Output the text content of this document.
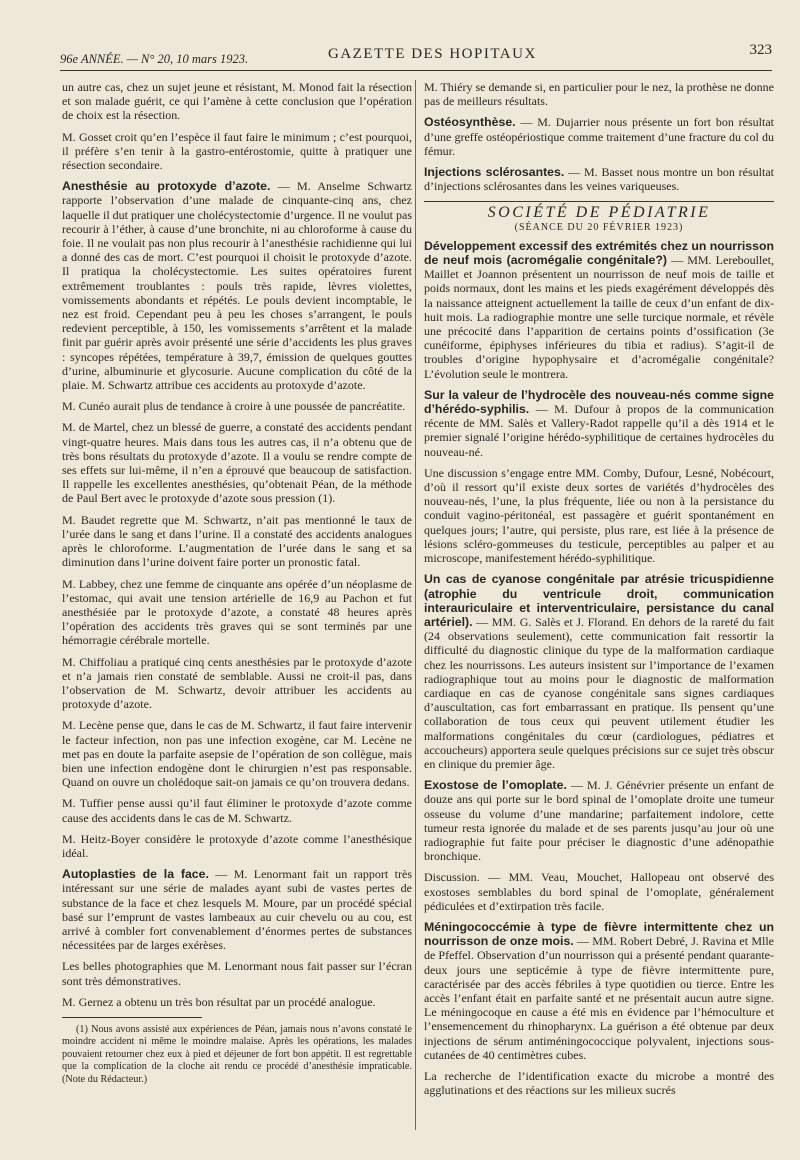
96e ANNÉE. — N° 20, 10 mars 1923.	GAZETTE DES HOPITAUX	323

un autre cas, chez un sujet jeune et résistant, M. Monod fait la résection et son malade guérit, ce qui l’amène à cette conclusion que l’opération de choix est la résection.

M. Gosset croit qu’en l’espèce il faut faire le minimum ; c’est pourquoi, il préfère s’en tenir à la gastro-entérostomie, quitte à pratiquer une résection secondaire.

Anesthésie au protoxyde d’azote. — M. Anselme Schwartz rapporte l’observation d’une malade de cinquante-cinq ans, chez laquelle il dut pratiquer une cholécystectomie d’urgence. Il ne voulut pas recourir à l’éther, à cause d’une bronchite, ni au chloroforme à cause du foie. Il ne voulait pas non plus recourir à l’anesthésie rachidienne qui lui a donné des cas de mort. C’est pourquoi il choisit le protoxyde d’azote. Il pratiqua la cholécystectomie. Les suites opératoires furent extrêmement troublantes : pouls très rapide, lèvres violettes, vomissements abondants et répétés. Le pouls devient incomptable, le nez est froid. Cependant peu à peu les choses s’arrangent, le pouls redevient perceptible, à 150, les vomissements s’arrêtent et la malade finit par guérir après avoir présenté une série d’accidents les plus graves : syncopes répétées, température à 39,7, émission de quelques gouttes d’urine, albuminurie et glycosurie. Aucune complication du côté de la plaie. M. Schwartz attribue ces accidents au protoxyde d’azote.

M. Cunéo aurait plus de tendance à croire à une poussée de pancréatite.

M. de Martel, chez un blessé de guerre, a constaté des accidents pendant vingt-quatre heures. Mais dans tous les autres cas, il n’a obtenu que de très bons résultats du protoxyde d’azote. Il a voulu se rendre compte de ses effets sur lui-même, il n’en a éprouvé que beaucoup de satisfaction. Il rappelle les excellentes anesthésies, qu’obtenait Péan, de la méthode de Paul Bert avec le protoxyde d’azote sous pression (1).

M. Baudet regrette que M. Schwartz, n’ait pas mentionné le taux de l’urée dans le sang et dans l’urine. Il a constaté des accidents analogues après le chloroforme. L’augmentation de l’urée dans le sang et sa diminution dans l’urine doivent faire porter un pronostic fatal.

M. Labbey, chez une femme de cinquante ans opérée d’un néoplasme de l’estomac, qui avait une tension artérielle de 16,9 au Pachon et fut anesthésiée par le protoxyde d’azote, a constaté 48 heures après l’opération des accidents très graves qui se sont terminés par une hémorragie cérébrale mortelle.

M. Chiffoliau a pratiqué cinq cents anesthésies par le protoxyde d’azote et n’a jamais rien constaté de semblable. Aussi ne croit-il pas, dans l’observation de M. Schwartz, devoir attribuer les accidents au protoxyde d’azote.

M. Lecène pense que, dans le cas de M. Schwartz, il faut faire intervenir le facteur infection, non pas une infection exogène, car M. Lecène ne met pas en doute la parfaite asepsie de l’opération de son collègue, mais bien une infection endogène dont le chirurgien n’est pas responsable. Quand on ouvre un cholédoque sait-on jamais ce qu’on trouvera dedans.

M. Tuffier pense aussi qu’il faut éliminer le protoxyde d’azote comme cause des accidents dans le cas de M. Schwartz.

M. Heitz-Boyer considère le protoxyde d’azote comme l’anesthésique idéal.

Autoplasties de la face. — M. Lenormant fait un rapport très intéressant sur une série de malades ayant subi de vastes pertes de substance de la face et chez lesquels M. Moure, par un procédé spécial basé sur l’emprunt de vastes lambeaux au cuir chevelu ou au cou, est arrivé à combler fort convenablement d’énormes pertes de substances nécessitées par de larges exérèses.

Les belles photographies que M. Lenormant nous fait passer sur l’écran sont très démonstratives.

M. Gernez a obtenu un très bon résultat par un procédé analogue.

(1) Nous avons assisté aux expériences de Péan, jamais nous n’avons constaté le moindre accident ni même le moindre malaise. Après les opérations, les malades pouvaient retourner chez eux à pied et déjeuner de fort bon appétit. Il est regrettable que la complication de la cloche ait rendu ce procédé d’anesthésie impraticable. (Note du Rédacteur.)

M. Thiéry se demande si, en particulier pour le nez, la prothèse ne donne pas de meilleurs résultats.

Ostéosynthèse. — M. Dujarrier nous présente un fort bon résultat d’une greffe ostéopériostique comme traitement d’une fracture du col du fémur.

Injections sclérosantes. — M. Basset nous montre un bon résultat d’injections sclérosantes dans les veines variqueuses.

SOCIÉTÉ DE PÉDIATRIE
(SÉANCE DU 20 FÉVRIER 1923)

Développement excessif des extrémités chez un nourrisson de neuf mois (acromégalie congénitale?) — MM. Lereboullet, Maillet et Joannon présentent un nourrisson de neuf mois de taille et poids normaux, dont les mains et les pieds exagérément développés dès la naissance atteignent actuellement la taille de ceux d’un enfant de dix-huit mois. La radiographie montre une selle turcique normale, et révèle une précocité dans l’apparition de certains points d’ossification (3e cunéiforme, épiphyses inférieures du tibia et radius). S’agit-il de troubles d’origine hypophysaire et d’acromégalie congénitale? L’évolution seule le montrera.

Sur la valeur de l’hydrocèle des nouveau-nés comme signe d’hérédo-syphilis. — M. Dufour à propos de la communication récente de MM. Salès et Vallery-Radot rappelle qu’il a dès 1914 et le premier signalé l’origine hérédo-syphilitique de certaines hydrocèles du nouveau-né.

Une discussion s’engage entre MM. Comby, Dufour, Lesné, Nobécourt, d’où il ressort qu’il existe deux sortes de variétés d’hydrocèles des nouveau-nés, l’une, la plus fréquente, liée ou non à la persistance du conduit vagino-péritonéal, est passagère et guérit spontanément en quelques jours; l’autre, qui persiste, plus rare, est liée à la présence de lésions scléro-gommeuses du testicule, perceptibles au palper et au microscope, manifestement hérédo-syphilitique.

Un cas de cyanose congénitale par atrésie tricuspidienne (atrophie du ventricule droit, communication interauriculaire et interventriculaire, persistance du canal artériel). — MM. G. Salès et J. Florand. En dehors de la rareté du fait (24 observations seulement), cette communication fait ressortir la difficulté du diagnostic clinique du type de la malformation cardiaque chez les nourrissons. Les auteurs insistent sur l’importance de l’examen radiographique tout au moins pour le diagnostic de malformation cardiaque en cas de cyanose congénitale sans signes cardiaques d’auscultation, cas fort embarrassant en pratique. Ils pensent qu’une collaboration de tous ceux qui peuvent utilement étudier les malformations congénitales du cœur (cardiologues, pédiatres et accoucheurs) apportera seule quelques précisions sur ce sujet très obscur en clinique du premier âge.

Exostose de l’omoplate. — M. J. Génévrier présente un enfant de douze ans qui porte sur le bord spinal de l’omoplate droite une tumeur osseuse du volume d’une mandarine; parfaitement indolore, cette tumeur resta ignorée du malade et de ses parents jusqu’au jour où une radiographie fut faite pour préciser le diagnostic d’une adénopathie bronchique.

Discussion. — MM. Veau, Mouchet, Hallopeau ont observé des exostoses semblables du bord spinal de l’omoplate, généralement pédiculées et d’extirpation très facile.

Méningococcémie à type de fièvre intermittente chez un nourrisson de onze mois. — MM. Robert Debré, J. Ravina et Mlle de Pfeffel. Observation d’un nourrisson qui a présenté pendant quarante-deux jours une septicémie à type de fièvre intermittente pure, caractérisée par des accès fébriles à type quotidien ou tierce. Entre les accès l’enfant était en parfaite santé et ne présentait aucun autre signe. Le méningocoque en cause a été mis en évidence par l’hémoculture et l’ensemencement du rhinopharynx. La guérison a été obtenue par deux injections de sérum antiméningococcique polyvalent, injections sous-cutanées de 40 centimètres cubes.

La recherche de l’identification exacte du microbe a montré des agglutinations et des réactions sur les milieux sucrés
